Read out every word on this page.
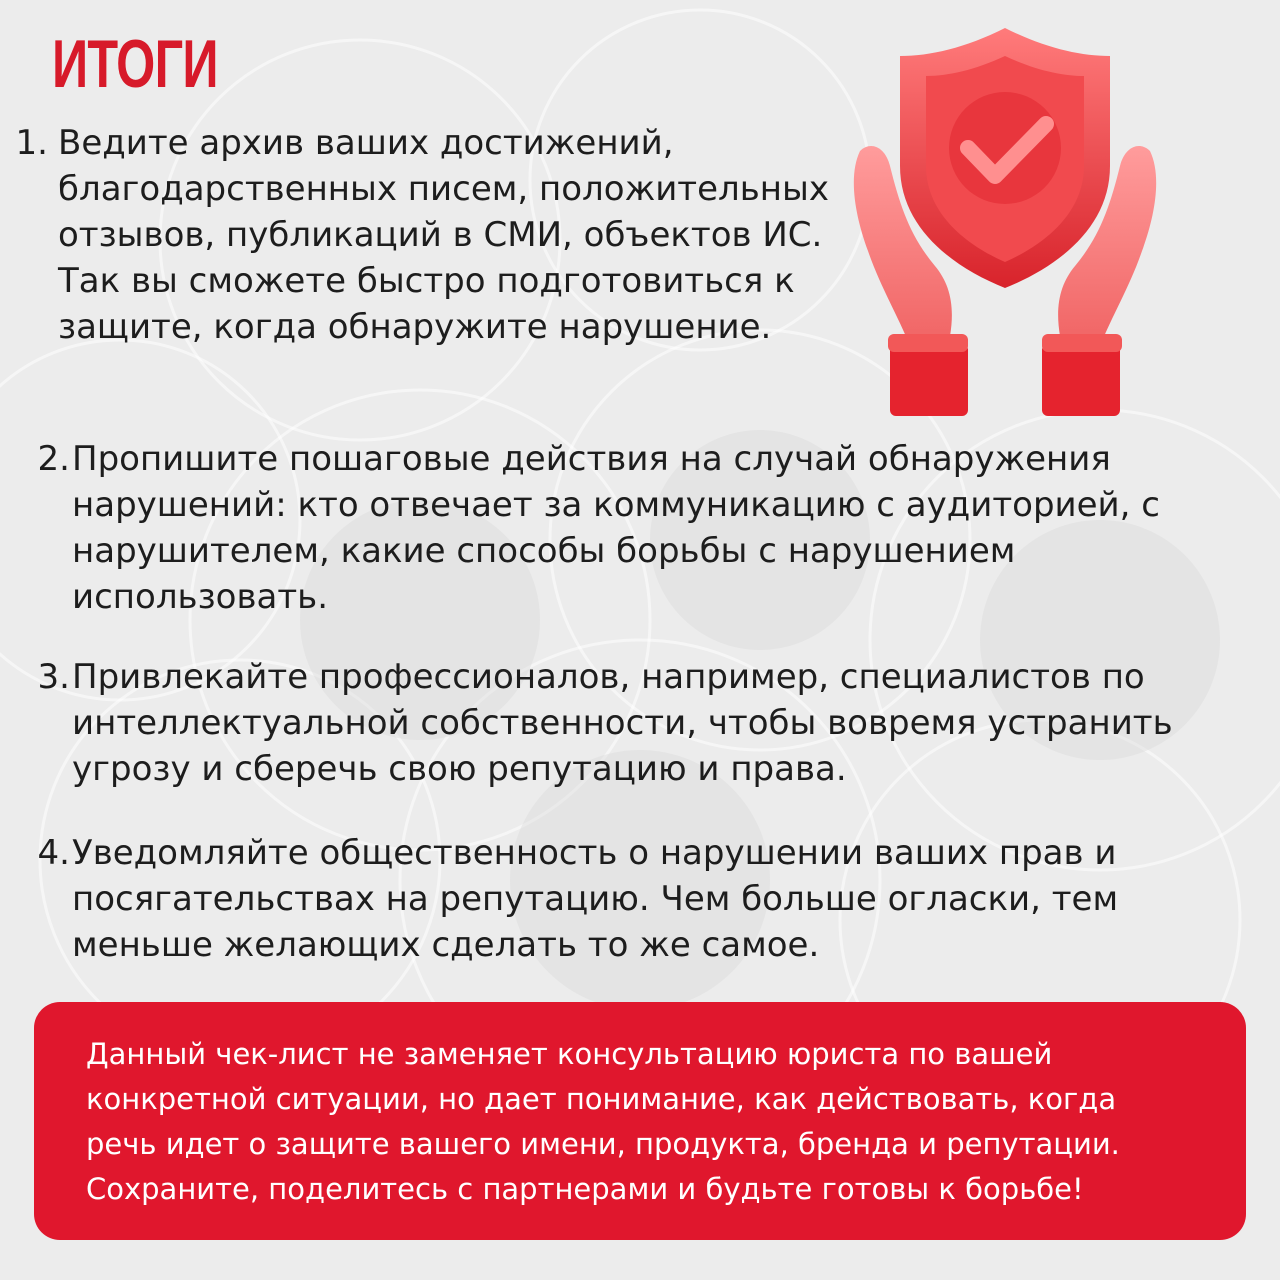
ИТОГИ
1. Ведите архив ваших достижений, благодарственных писем, положительных отзывов, публикаций в СМИ, объектов ИС. Так вы сможете быстро подготовиться к защите, когда обнаружите нарушение.
2. Пропишите пошаговые действия на случай обнаружения нарушений: кто отвечает за коммуникацию с аудиторией, с нарушителем, какие способы борьбы с нарушением использовать.
3. Привлекайте профессионалов, например, специалистов по интеллектуальной собственности, чтобы вовремя устранить угрозу и сберечь свою репутацию и права.
4. Уведомляйте общественность о нарушении ваших прав и посягательствах на репутацию. Чем больше огласки, тем меньше желающих сделать то же самое.

Данный чек-лист не заменяет консультацию юриста по вашей конкретной ситуации, но дает понимание, как действовать, когда речь идет о защите вашего имени, продукта, бренда и репутации. Сохраните, поделитесь с партнерами и будьте готовы к борьбе!
